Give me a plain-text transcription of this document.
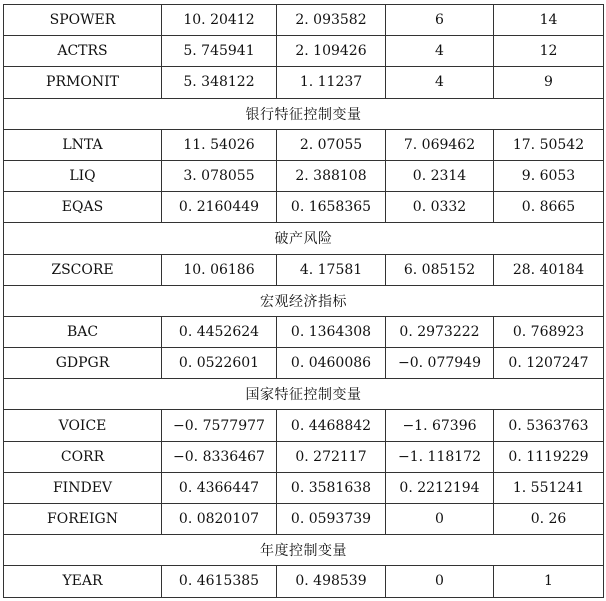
SPOWER	10. 20412	2. 093582	6	14
ACTRS	5. 745941	2. 109426	4	12
PRMONIT	5. 348122	1. 11237	4	9
银行特征控制变量				
LNTA	11. 54026	2. 07055	7. 069462	17. 50542
LIQ	3. 078055	2. 388108	0. 2314	9. 6053
EQAS	0. 2160449	0. 1658365	0. 0332	0. 8665
破产风险				
ZSCORE	10. 06186	4. 17581	6. 085152	28. 40184
宏观经济指标				
BAC	0. 4452624	0. 1364308	0. 2973222	0. 768923
GDPGR	0. 0522601	0. 0460086	−0. 077949	0. 1207247
国家特征控制变量				
VOICE	−0. 7577977	0. 4468842	−1. 67396	0. 5363763
CORR	−0. 8336467	0. 272117	−1. 118172	0. 1119229
FINDEV	0. 4366447	0. 3581638	0. 2212194	1. 551241
FOREIGN	0. 0820107	0. 0593739	0	0. 26
年度控制变量				
YEAR	0. 4615385	0. 498539	0	1
